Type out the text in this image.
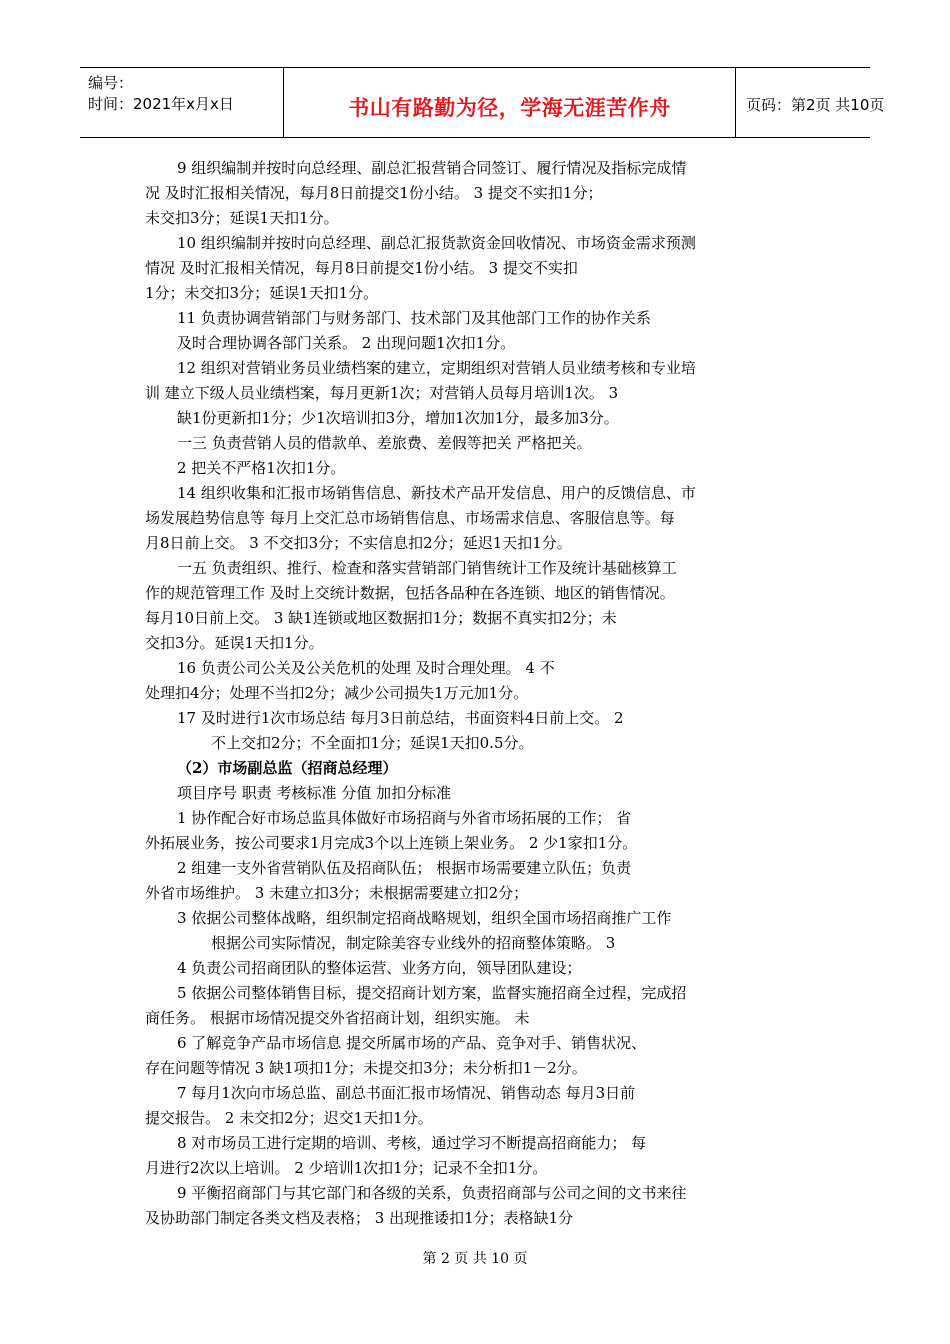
编号：
时间：2021年x月x日	书山有路勤为径，学海无涯苦作舟	页码：第2页 共10页
9 组织编制并按时向总经理、副总汇报营销合同签订、履行情况及指标完成情
况 及时汇报相关情况，每月8日前提交1份小结。 3 提交不实扣1分；
未交扣3分；延误1天扣1分。
10 组织编制并按时向总经理、副总汇报货款资金回收情况、市场资金需求预测
情况 及时汇报相关情况，每月8日前提交1份小结。 3 提交不实扣
1分；未交扣3分；延误1天扣1分。
11 负责协调营销部门与财务部门、技术部门及其他部门工作的协作关系
及时合理协调各部门关系。 2 出现问题1次扣1分。
12 组织对营销业务员业绩档案的建立，定期组织对营销人员业绩考核和专业培
训 建立下级人员业绩档案，每月更新1次；对营销人员每月培训1次。 3
缺1份更新扣1分；少1次培训扣3分，增加1次加1分，最多加3分。
一三 负责营销人员的借款单、差旅费、差假等把关 严格把关。
2 把关不严格1次扣1分。
14 组织收集和汇报市场销售信息、新技术产品开发信息、用户的反馈信息、市
场发展趋势信息等 每月上交汇总市场销售信息、市场需求信息、客服信息等。每
月8日前上交。 3 不交扣3分；不实信息扣2分；延迟1天扣1分。
一五 负责组织、推行、检查和落实营销部门销售统计工作及统计基础核算工
作的规范管理工作 及时上交统计数据，包括各品种在各连锁、地区的销售情况。
每月10日前上交。 3 缺1连锁或地区数据扣1分；数据不真实扣2分；未
交扣3分。延误1天扣1分。
16 负责公司公关及公关危机的处理 及时合理处理。 4 不
处理扣4分；处理不当扣2分；减少公司损失1万元加1分。
17 及时进行1次市场总结 每月3日前总结，书面资料4日前上交。 2
不上交扣2分；不全面扣1分；延误1天扣0.5分。
（2）市场副总监（招商总经理）
项目序号 职责 考核标准 分值 加扣分标准
1 协作配合好市场总监具体做好市场招商与外省市场拓展的工作； 省
外拓展业务，按公司要求1月完成3个以上连锁上架业务。 2 少1家扣1分。
2 组建一支外省营销队伍及招商队伍； 根据市场需要建立队伍；负责
外省市场维护。 3 未建立扣3分；未根据需要建立扣2分；
3 依据公司整体战略，组织制定招商战略规划，组织全国市场招商推广工作
根据公司实际情况，制定除美容专业线外的招商整体策略。 3
4 负责公司招商团队的整体运营、业务方向，领导团队建设；
5 依据公司整体销售目标，提交招商计划方案，监督实施招商全过程，完成招
商任务。 根据市场情况提交外省招商计划，组织实施。 未
6 了解竞争产品市场信息 提交所属市场的产品、竞争对手、销售状况、
存在问题等情况 3 缺1项扣1分；未提交扣3分；未分析扣1－2分。
7 每月1次向市场总监、副总书面汇报市场情况、销售动态 每月3日前
提交报告。 2 未交扣2分；迟交1天扣1分。
8 对市场员工进行定期的培训、考核，通过学习不断提高招商能力； 每
月进行2次以上培训。 2 少培训1次扣1分；记录不全扣1分。
9 平衡招商部门与其它部门和各级的关系，负责招商部与公司之间的文书来往
及协助部门制定各类文档及表格； 3 出现推诿扣1分；表格缺1分
第 2 页 共 10 页
